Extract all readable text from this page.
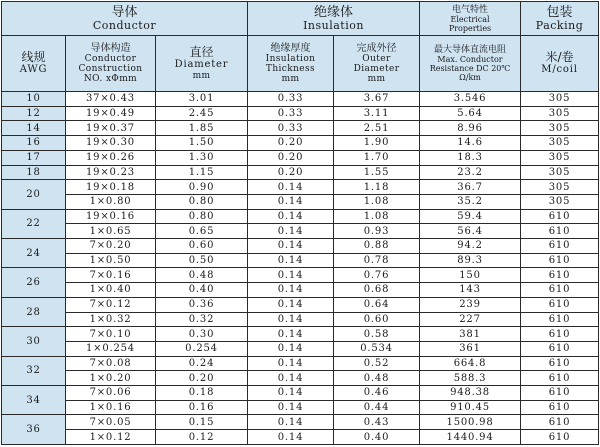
导体
Conductor			绝缘体
Insulation		电气特性
Electrical
Properties	包装
Packing

线规
AWG	导体构造
Conductor
Construction
NO. xΦmm	直径
Diameter
mm	绝缘厚度
Insulation
Thickness
mm	完成外径
Outer
Diameter
mm	最大导体直流电阻
Max. Conductor
Resistance DC 20℃
Ω/km	米/卷
M/coil

10	37×0.43	3.01	0.33	3.67	3.546	305
12	19×0.49	2.45	0.33	3.11	5.64	305
14	19×0.37	1.85	0.33	2.51	8.96	305
16	19×0.30	1.50	0.20	1.90	14.6	305
17	19×0.26	1.30	0.20	1.70	18.3	305
18	19×0.23	1.15	0.20	1.55	23.2	305
20	19×0.18	0.90	0.14	1.18	36.7	305
	1×0.80	0.80	0.14	1.08	35.2	305
22	19×0.16	0.80	0.14	1.08	59.4	610
	1×0.65	0.65	0.14	0.93	56.4	610
24	7×0.20	0.60	0.14	0.88	94.2	610
	1×0.50	0.50	0.14	0.78	89.3	610
26	7×0.16	0.48	0.14	0.76	150	610
	1×0.40	0.40	0.14	0.68	143	610
28	7×0.12	0.36	0.14	0.64	239	610
	1×0.32	0.32	0.14	0.60	227	610
30	7×0.10	0.30	0.14	0.58	381	610
	1×0.254	0.254	0.14	0.534	361	610
32	7×0.08	0.24	0.14	0.52	664.8	610
	1×0.20	0.20	0.14	0.48	588.3	610
34	7×0.06	0.18	0.14	0.46	948.38	610
	1×0.16	0.16	0.14	0.44	910.45	610
36	7×0.05	0.15	0.14	0.43	1500.98	610
	1×0.12	0.12	0.14	0.40	1440.94	610
